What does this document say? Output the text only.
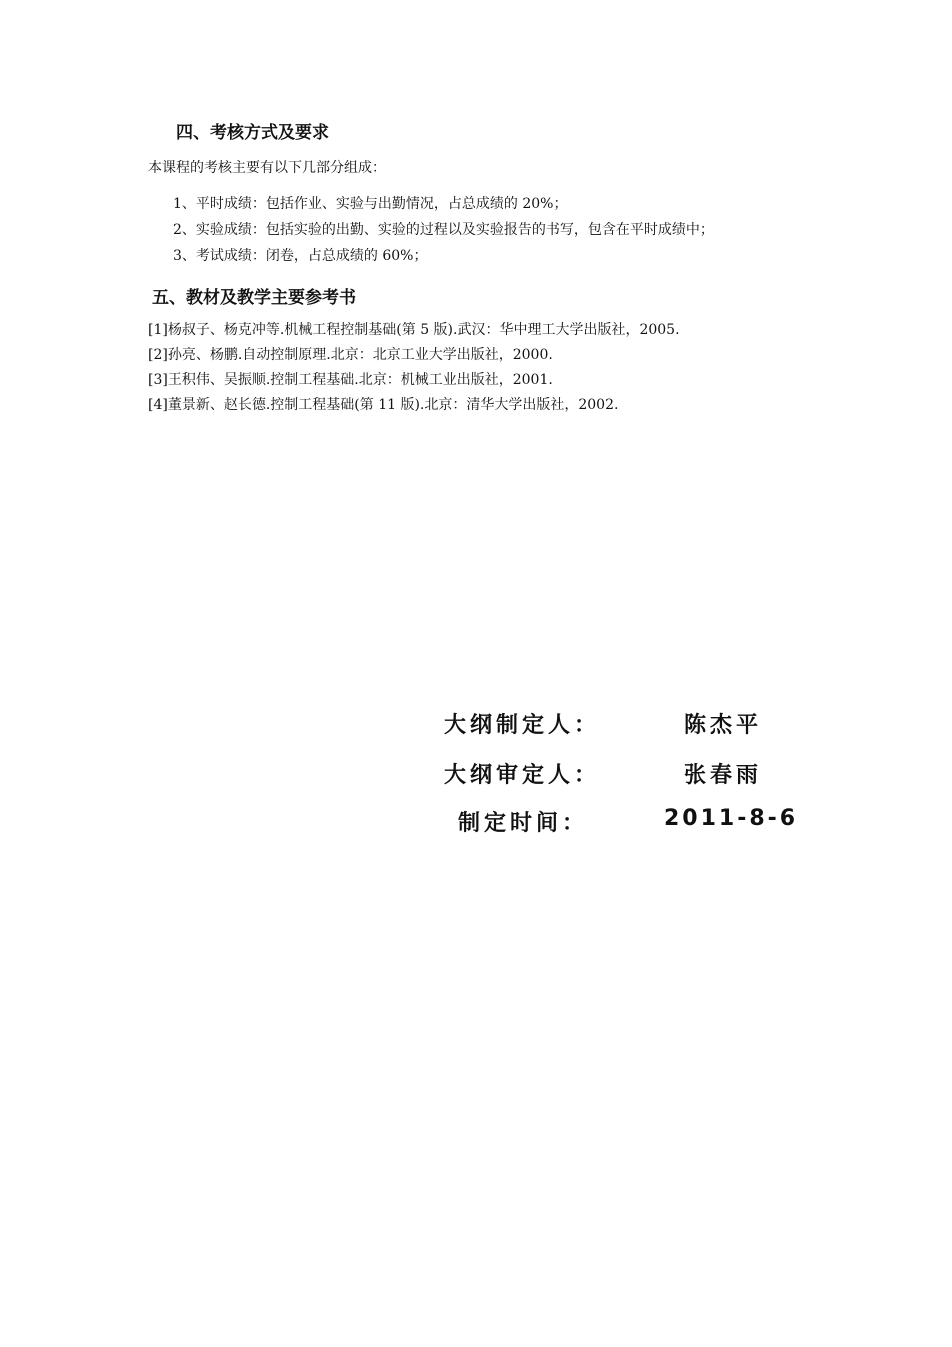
四、考核方式及要求
本课程的考核主要有以下几部分组成：
1、平时成绩：包括作业、实验与出勤情况，占总成绩的 20%；
2、实验成绩：包括实验的出勤、实验的过程以及实验报告的书写，包含在平时成绩中；
3、考试成绩：闭卷，占总成绩的 60%；
五、教材及教学主要参考书
[1]杨叔子、杨克冲等.机械工程控制基础(第 5 版).武汉：华中理工大学出版社，2005.
[2]孙亮、杨鹏.自动控制原理.北京：北京工业大学出版社，2000.
[3]王积伟、吴振顺.控制工程基础.北京：机械工业出版社，2001.
[4]董景新、赵长德.控制工程基础(第 11 版).北京：清华大学出版社，2002.
大纲制定人：	陈杰平
大纲审定人：	张春雨
制定时间：	2011-8-6
